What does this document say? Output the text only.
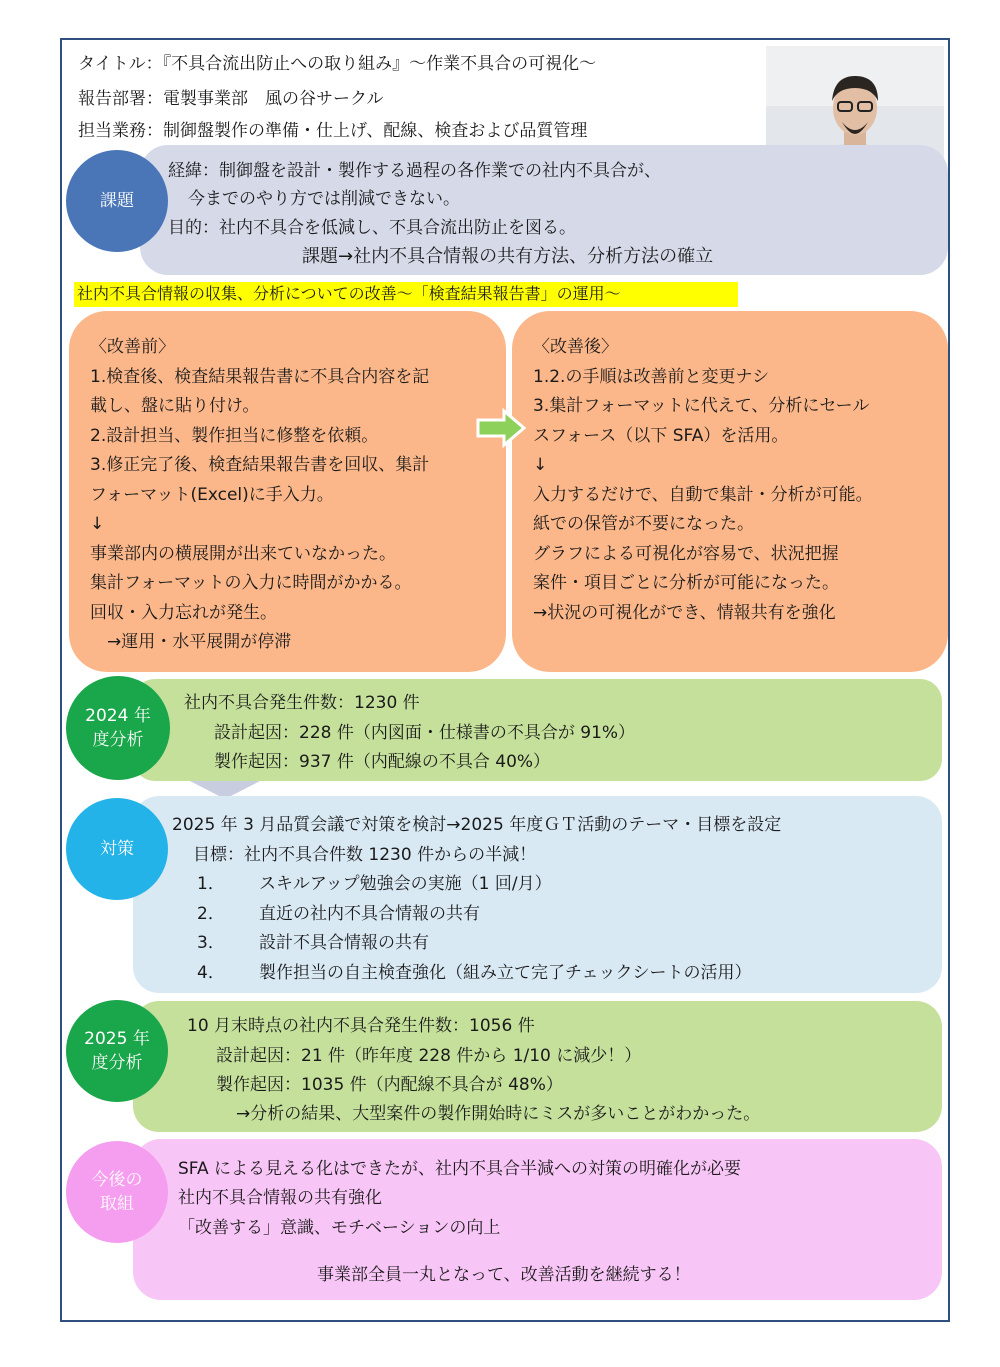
タイトル：『不具合流出防止への取り組み』～作業不具合の可視化～
報告部署：電製事業部　風の谷サークル
担当業務：制御盤製作の準備・仕上げ、配線、検査および品質管理
課題
経緯：制御盤を設計・製作する過程の各作業での社内不具合が、
今までのやり方では削減できない。
目的：社内不具合を低減し、不具合流出防止を図る。
課題→社内不具合情報の共有方法、分析方法の確立
社内不具合情報の収集、分析についての改善～「検査結果報告書」の運用～
〈改善前〉
1.検査後、検査結果報告書に不具合内容を記
載し、盤に貼り付け。
2.設計担当、製作担当に修整を依頼。
3.修正完了後、検査結果報告書を回収、集計
フォーマット(Excel)に手入力。
↓
事業部内の横展開が出来ていなかった。
集計フォーマットの入力に時間がかかる。
回収・入力忘れが発生。
　→運用・水平展開が停滞
〈改善後〉
1.2.の手順は改善前と変更ナシ
3.集計フォーマットに代えて、分析にセール
スフォース（以下 SFA）を活用。
↓
入力するだけで、自動で集計・分析が可能。
紙での保管が不要になった。
グラフによる可視化が容易で、状況把握
案件・項目ごとに分析が可能になった。
→状況の可視化ができ、情報共有を強化
2024 年
度分析
社内不具合発生件数：1230 件
設計起因：228 件（内図面・仕様書の不具合が 91%）
製作起因：937 件（内配線の不具合 40%）
対策
2025 年 3 月品質会議で対策を検討→2025 年度ＧＴ活動のテーマ・目標を設定
目標：社内不具合件数 1230 件からの半減！
1． スキルアップ勉強会の実施（1 回/月）
2． 直近の社内不具合情報の共有
3． 設計不具合情報の共有
4． 製作担当の自主検査強化（組み立て完了チェックシートの活用）
2025 年
度分析
10 月末時点の社内不具合発生件数：1056 件
設計起因：21 件（昨年度 228 件から 1/10 に減少！）
製作起因：1035 件（内配線不具合が 48%）
→分析の結果、大型案件の製作開始時にミスが多いことがわかった。
今後の
取組
SFA による見える化はできたが、社内不具合半減への対策の明確化が必要
社内不具合情報の共有強化
「改善する」意識、モチベーションの向上
事業部全員一丸となって、改善活動を継続する！
